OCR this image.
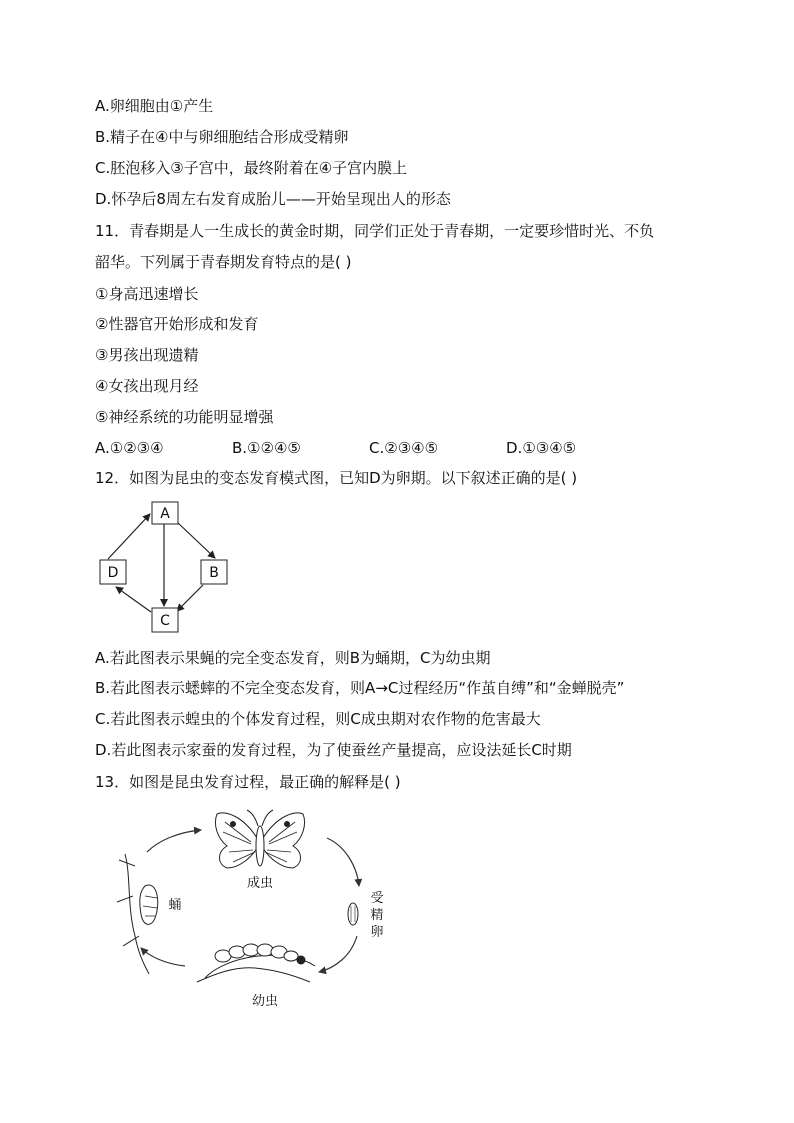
A.卵细胞由①产生
B.精子在④中与卵细胞结合形成受精卵
C.胚泡移入③子宫中，最终附着在④子宫内膜上
D.怀孕后8周左右发育成胎儿——开始呈现出人的形态
11．青春期是人一生成长的黄金时期，同学们正处于青春期，一定要珍惜时光、不负
韶华。下列属于青春期发育特点的是( )
①身高迅速增长
②性器官开始形成和发育
③男孩出现遗精
④女孩出现月经
⑤神经系统的功能明显增强
A.①②③④	B.①②④⑤	C.②③④⑤	D.①③④⑤
12．如图为昆虫的变态发育模式图，已知D为卵期。以下叙述正确的是( )
A
B
C
D
A.若此图表示果蝇的完全变态发育，则B为蛹期，C为幼虫期
B.若此图表示蟋蟀的不完全变态发育，则A→C过程经历“作茧自缚”和“金蝉脱壳”
C.若此图表示蝗虫的个体发育过程，则C成虫期对农作物的危害最大
D.若此图表示家蚕的发育过程，为了使蚕丝产量提高，应设法延长C时期
13．如图是昆虫发育过程，最正确的解释是( )
成虫
受精卵
幼虫
蛹
